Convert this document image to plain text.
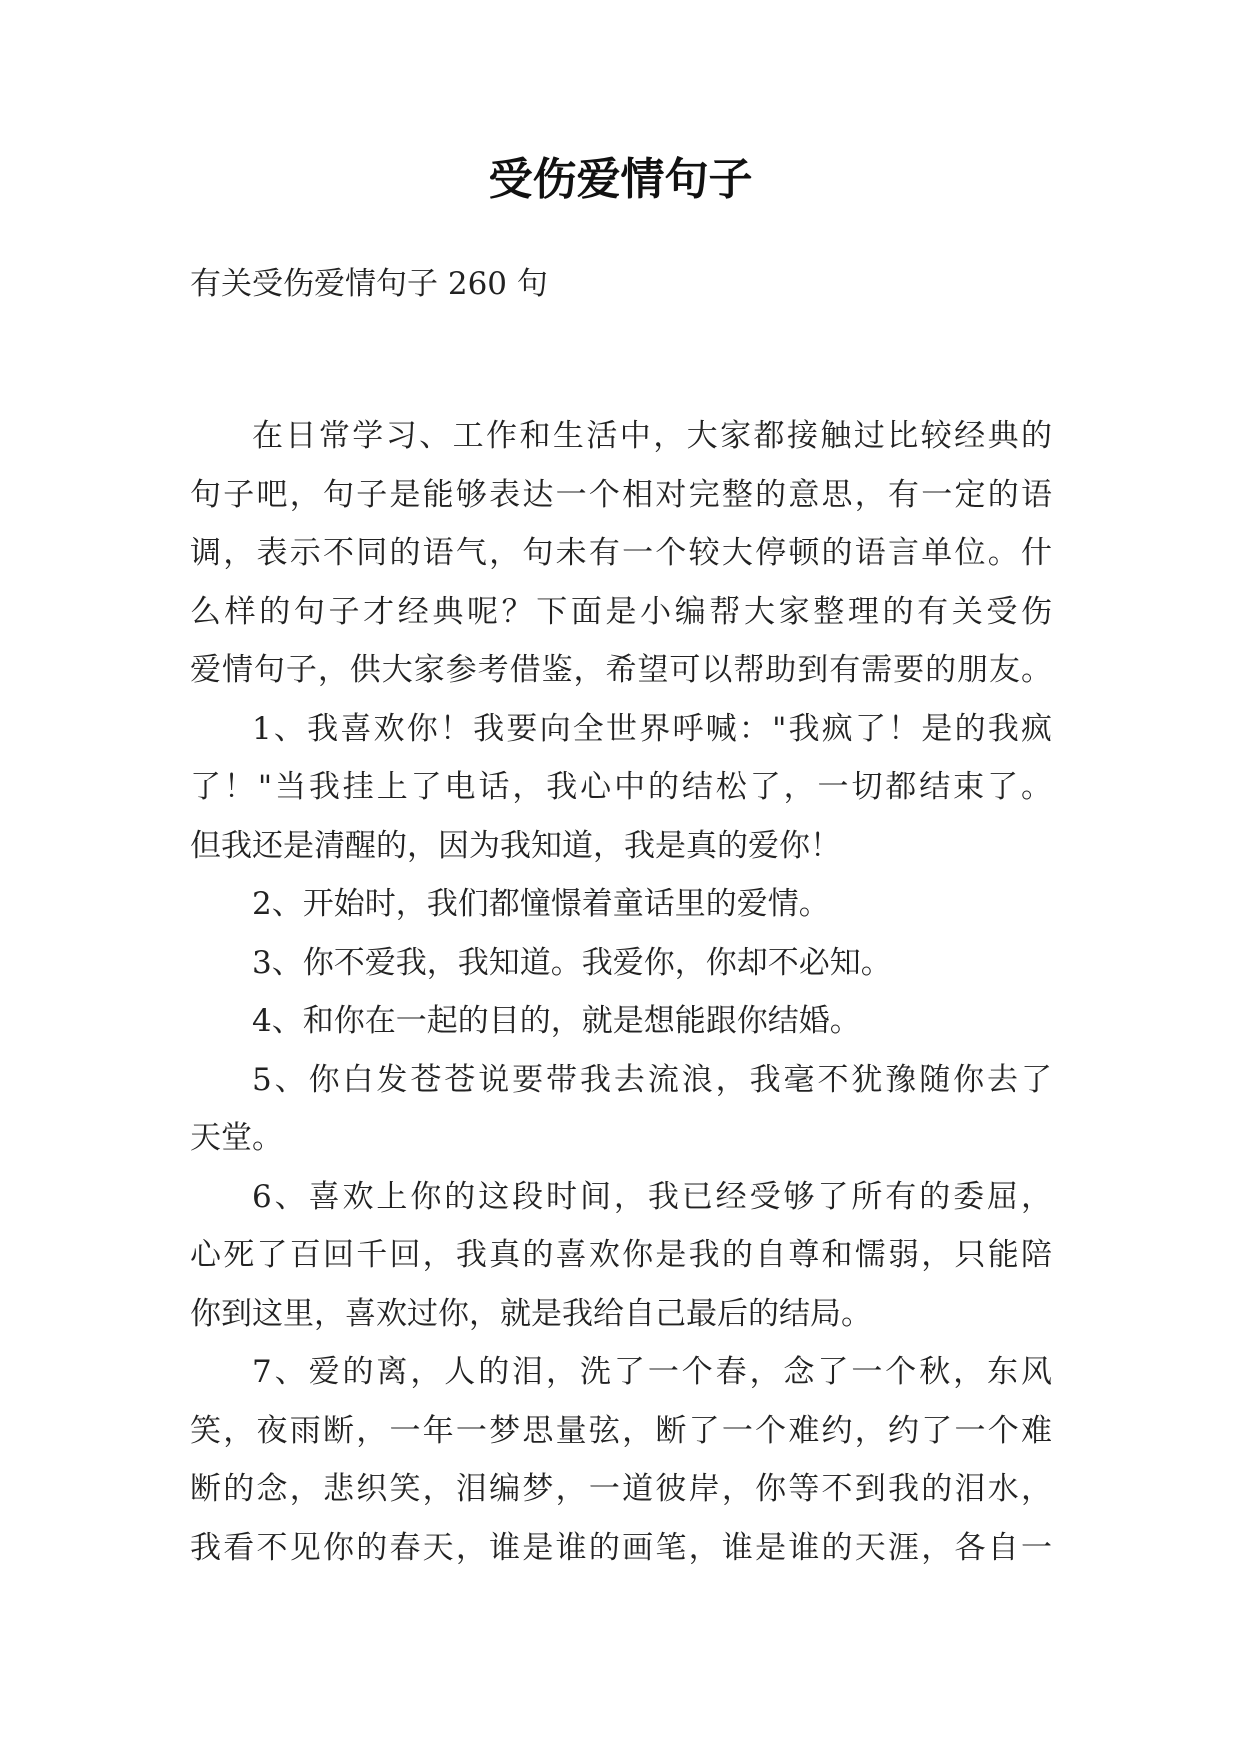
受伤爱情句子

有关受伤爱情句子 260 句

在日常学习、工作和生活中，大家都接触过比较经典的
句子吧，句子是能够表达一个相对完整的意思，有一定的语
调，表示不同的语气，句未有一个较大停顿的语言单位。什
么样的句子才经典呢？下面是小编帮大家整理的有关受伤
爱情句子，供大家参考借鉴，希望可以帮助到有需要的朋友。

1、我喜欢你！我要向全世界呼喊："我疯了！是的我疯
了！"当我挂上了电话，我心中的结松了，一切都结束了。
但我还是清醒的，因为我知道，我是真的爱你！

2、开始时，我们都憧憬着童话里的爱情。

3、你不爱我，我知道。我爱你，你却不必知。

4、和你在一起的目的，就是想能跟你结婚。

5、你白发苍苍说要带我去流浪，我毫不犹豫随你去了
天堂。

6、喜欢上你的这段时间，我已经受够了所有的委屈，
心死了百回千回，我真的喜欢你是我的自尊和懦弱，只能陪
你到这里，喜欢过你，就是我给自己最后的结局。

7、爱的离，人的泪，洗了一个春，念了一个秋，东风
笑，夜雨断，一年一梦思量弦，断了一个难约，约了一个难
断的念，悲织笑，泪编梦，一道彼岸，你等不到我的泪水，
我看不见你的春天，谁是谁的画笔，谁是谁的天涯，各自一
